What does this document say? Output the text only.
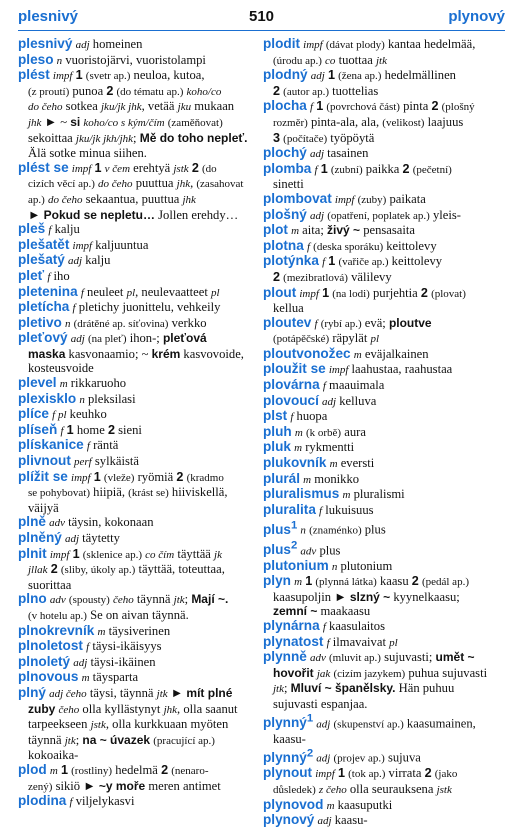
plesnivý	510	plynový
plesnivý adj homeinen
pleso n vuoristojärvi, vuoristolampi
plést impf 1 (svetr ap.) neuloa, kutoa,
(z proutí) punoa 2 (do tématu ap.) koho/co
do čeho sotkea jku/jk jhk, vetää jku mukaan
jhk ► ~ si koho/co s kým/čím (zaměňovat)
sekoittaa jku/jk jkh/jhk; Mě do toho nepleť.
Älä sotke minua siihen.
plést se impf 1 v čem erehtyä jstk 2 (do
cizích věcí ap.) do čeho puuttua jhk, (zasahovat
ap.) do čeho sekaantua, puuttua jhk
► Pokud se nepletu… Jollen erehdy…
pleš f kalju
plešatět impf kaljuuntua
plešatý adj kalju
pleť f iho
pletenina f neuleet pl, neulevaatteet pl
pletícha f pletichy juonittelu, vehkeily
pletivo n (drátěné ap. síťovina) verkko
pleťový adj (na pleť) ihon-; pleťová
maska kasvonaamio; ~ krém kasvovoide,
kosteusvoide
plevel m rikkaruoho
plexisklo n pleksilasi
plíce f pl keuhko
plíseň f 1 home 2 sieni
plískanice f räntä
plivnout perf sylkäistä
plížit se impf 1 (vleže) ryömiä 2 (kradmo
se pohybovat) hiipiä, (krást se) hiiviskellä,
väijyä
plně adv täysin, kokonaan
plněný adj täytetty
plnit impf 1 (sklenice ap.) co čím täyttää jk
jllak 2 (sliby, úkoly ap.) täyttää, toteuttaa,
suorittaa
plno adv (spousty) čeho täynnä jtk; Mají ~.
(v hotelu ap.) Se on aivan täynnä.
plnokrevník m täysiverinen
plnoletost f täysi-ikäisyys
plnoletý adj täysi-ikäinen
plnovous m täysparta
plný adj čeho täysi, täynnä jtk ► mít plné
zuby čeho olla kyllästynyt jhk, olla saanut
tarpeekseen jstk, olla kurkkuaan myöten
täynnä jtk; na ~ úvazek (pracující ap.)
kokoaika-
plod m 1 (rostliny) hedelmä 2 (nenaro-
zený) sikiö ► ~y moře meren antimet
plodina f viljelykasvi
plodit impf (dávat plody) kantaa hedelmää,
(úrodu ap.) co tuottaa jtk
plodný adj 1 (žena ap.) hedelmällinen
2 (autor ap.) tuottelias
plocha f 1 (povrchová část) pinta 2 (plošný
rozměr) pinta-ala, ala, (velikost) laajuus
3 (počítače) työpöytä
plochý adj tasainen
plomba f 1 (zubní) paikka 2 (pečetní)
sinetti
plombovat impf (zuby) paikata
plošný adj (opatření, poplatek ap.) yleis-
plot m aita; živý ~ pensasaita
plotna f (deska sporáku) keittolevy
plotýnka f 1 (vařiče ap.) keittolevy
2 (mezibratlová) välilevy
plout impf 1 (na lodi) purjehtia 2 (plovat)
kellua
ploutev f (rybí ap.) evä; ploutve
(potápěčské) räpylät pl
ploutvonožec m eväjalkainen
ploužit se impf laahustaa, raahustaa
plovárna f maauimala
plovoucí adj kelluva
plst f huopa
pluh m (k orbě) aura
pluk m rykmentti
plukovník m eversti
plurál m monikko
pluralismus m pluralismi
pluralita f lukuisuus
plus$^1$ n (znaménko) plus
plus$^2$ adv plus
plutonium n plutonium
plyn m 1 (plynná látka) kaasu 2 (pedál ap.)
kaasupoljin ► slzný ~ kyynelkaasu;
zemní ~ maakaasu
plynárna f kaasulaitos
plynatost f ilmavaivat pl
plynně adv (mluvit ap.) sujuvasti; umět ~
hovořit jak (cizím jazykem) puhua sujuvasti
jtk; Mluví ~ španělsky. Hän puhuu
sujuvasti espanjaa.
plynný$^1$ adj (skupenství ap.) kaasumainen,
kaasu-
plynný$^2$ adj (projev ap.) sujuva
plynout impf 1 (tok ap.) virrata 2 (jako
důsledek) z čeho olla seurauksena jstk
plynovod m kaasuputki
plynový adj kaasu-
